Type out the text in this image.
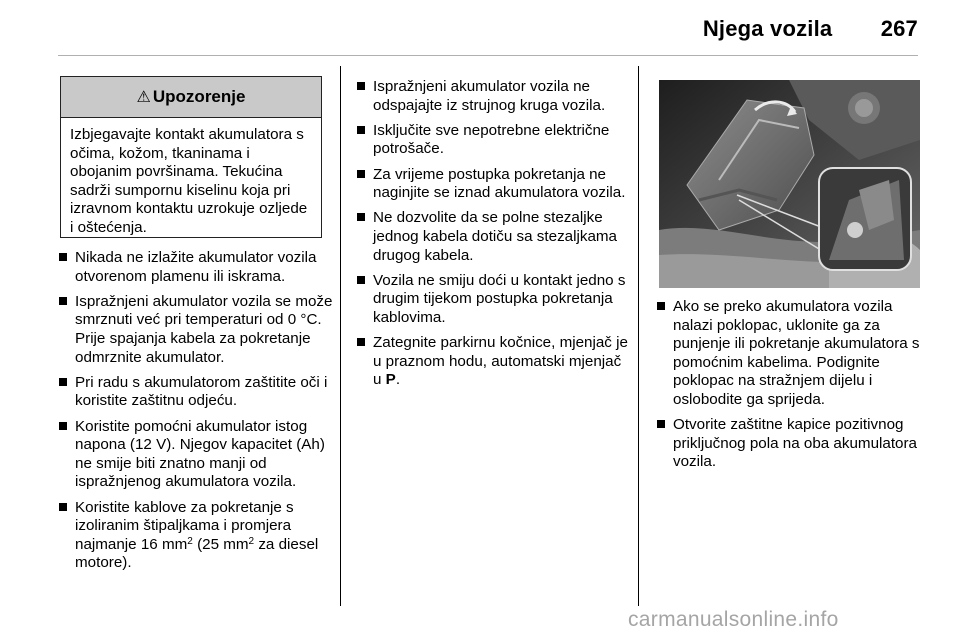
Njega vozila 267
⚠ Upozorenje
Izbjegavajte kontakt akumulatora s očima, kožom, tkaninama i obojanim površinama. Tekućina sadrži sumpornu kiselinu koja pri izravnom kontaktu uzrokuje ozljede i oštećenja.
Nikada ne izlažite akumulator vozila otvorenom plamenu ili iskrama.
Ispražnjeni akumulator vozila se može smrznuti već pri temperaturi od 0 °C. Prije spajanja kabela za pokretanje odmrznite akumulator.
Pri radu s akumulatorom zaštitite oči i koristite zaštitnu odjeću.
Koristite pomoćni akumulator istog napona (12 V). Njegov kapacitet (Ah) ne smije biti znatno manji od ispražnjenog akumulatora vozila.
Koristite kablove za pokretanje s izoliranim štipaljkama i promjera najmanje 16 $mm^2$ (25 $mm^2$ za diesel motore).
Ispražnjeni akumulator vozila ne odspajajte iz strujnog kruga vozila.
Isključite sve nepotrebne električne potrošače.
Za vrijeme postupka pokretanja ne naginjite se iznad akumulatora vozila.
Ne dozvolite da se polne stezaljke jednog kabela dotiču sa stezaljkama drugog kabela.
Vozila ne smiju doći u kontakt jedno s drugim tijekom postupka pokretanja kablovima.
Zategnite parkirnu kočnice, mjenjač je u praznom hodu, automatski mjenjač u P.
Ako se preko akumulatora vozila nalazi poklopac, uklonite ga za punjenje ili pokretanje akumulatora s pomoćnim kabelima. Podignite poklopac na stražnjem dijelu i oslobodite ga sprijeda.
Otvorite zaštitne kapice pozitivnog priključnog pola na oba akumulatora vozila.
carmanualsonline.info
